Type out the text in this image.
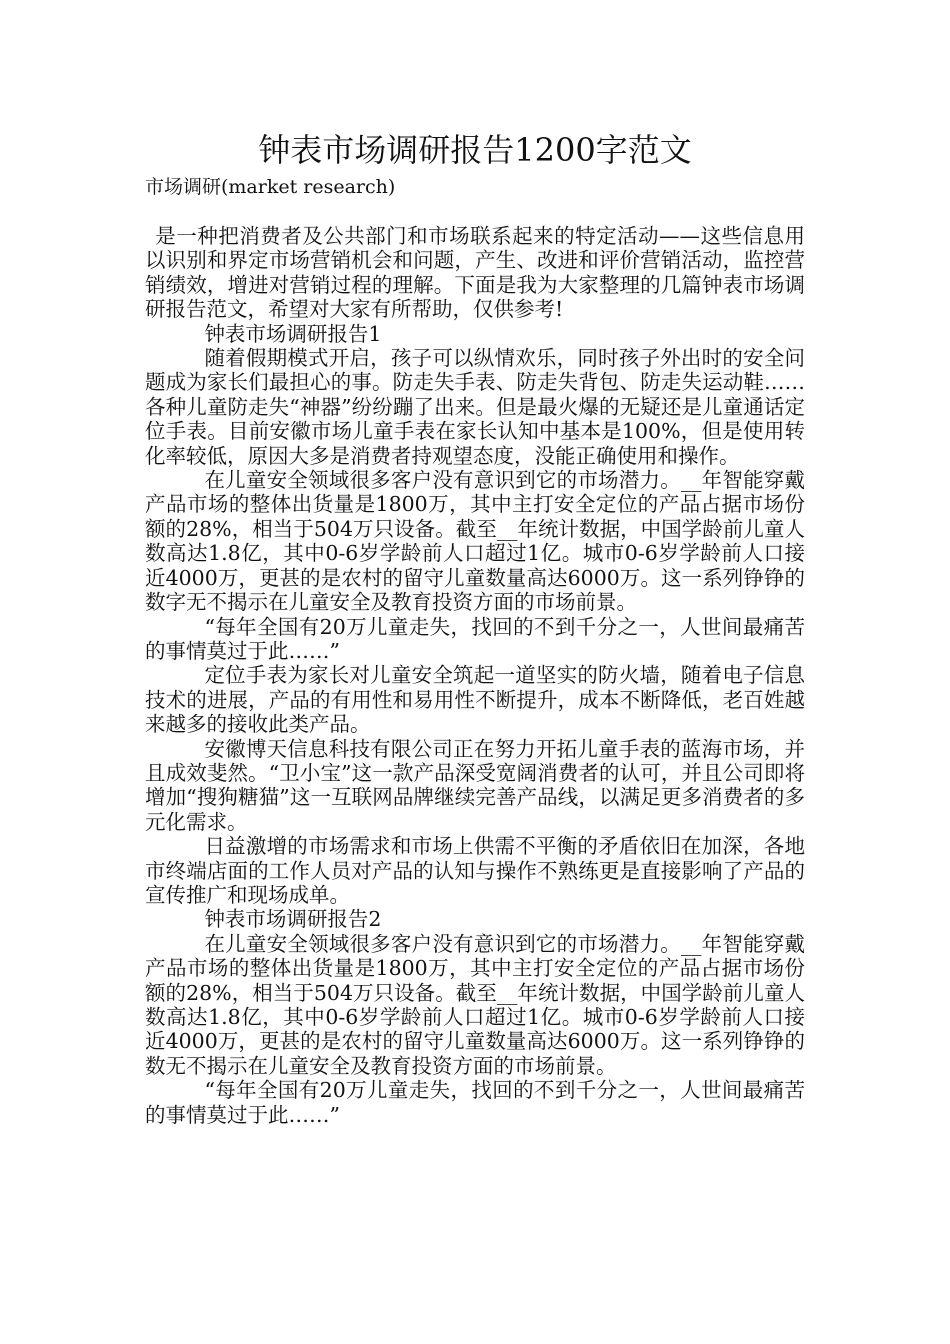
钟表市场调研报告1200字范文
市场调研(market research)

是一种把消费者及公共部门和市场联系起来的特定活动——这些信息用以识别和界定市场营销机会和问题，产生、改进和评价营销活动，监控营销绩效，增进对营销过程的理解。下面是我为大家整理的几篇钟表市场调研报告范文，希望对大家有所帮助，仅供参考!

钟表市场调研报告1

随着假期模式开启，孩子可以纵情欢乐，同时孩子外出时的安全问题成为家长们最担心的事。防走失手表、防走失背包、防走失运动鞋……各种儿童防走失“神器”纷纷蹦了出来。但是最火爆的无疑还是儿童通话定位手表。目前安徽市场儿童手表在家长认知中基本是100%，但是使用转化率较低，原因大多是消费者持观望态度，没能正确使用和操作。

在儿童安全领域很多客户没有意识到它的市场潜力。__年智能穿戴产品市场的整体出货量是1800万，其中主打安全定位的产品占据市场份额的28%，相当于504万只设备。截至__年统计数据，中国学龄前儿童人数高达1.8亿，其中0-6岁学龄前人口超过1亿。城市0-6岁学龄前人口接近4000万，更甚的是农村的留守儿童数量高达6000万。这一系列铮铮的数字无不揭示在儿童安全及教育投资方面的市场前景。

“每年全国有20万儿童走失，找回的不到千分之一，人世间最痛苦的事情莫过于此……”

定位手表为家长对儿童安全筑起一道坚实的防火墙，随着电子信息技术的进展，产品的有用性和易用性不断提升，成本不断降低，老百姓越来越多的接收此类产品。

安徽博天信息科技有限公司正在努力开拓儿童手表的蓝海市场，并且成效斐然。“卫小宝”这一款产品深受宽阔消费者的认可，并且公司即将增加“搜狗糖猫”这一互联网品牌继续完善产品线，以满足更多消费者的多元化需求。

日益激增的市场需求和市场上供需不平衡的矛盾依旧在加深，各地市终端店面的工作人员对产品的认知与操作不熟练更是直接影响了产品的宣传推广和现场成单。

钟表市场调研报告2

在儿童安全领域很多客户没有意识到它的市场潜力。__年智能穿戴产品市场的整体出货量是1800万，其中主打安全定位的产品占据市场份额的28%，相当于504万只设备。截至__年统计数据，中国学龄前儿童人数高达1.8亿，其中0-6岁学龄前人口超过1亿。城市0-6岁学龄前人口接近4000万，更甚的是农村的留守儿童数量高达6000万。这一系列铮铮的数无不揭示在儿童安全及教育投资方面的市场前景。

“每年全国有20万儿童走失，找回的不到千分之一，人世间最痛苦的事情莫过于此……”
